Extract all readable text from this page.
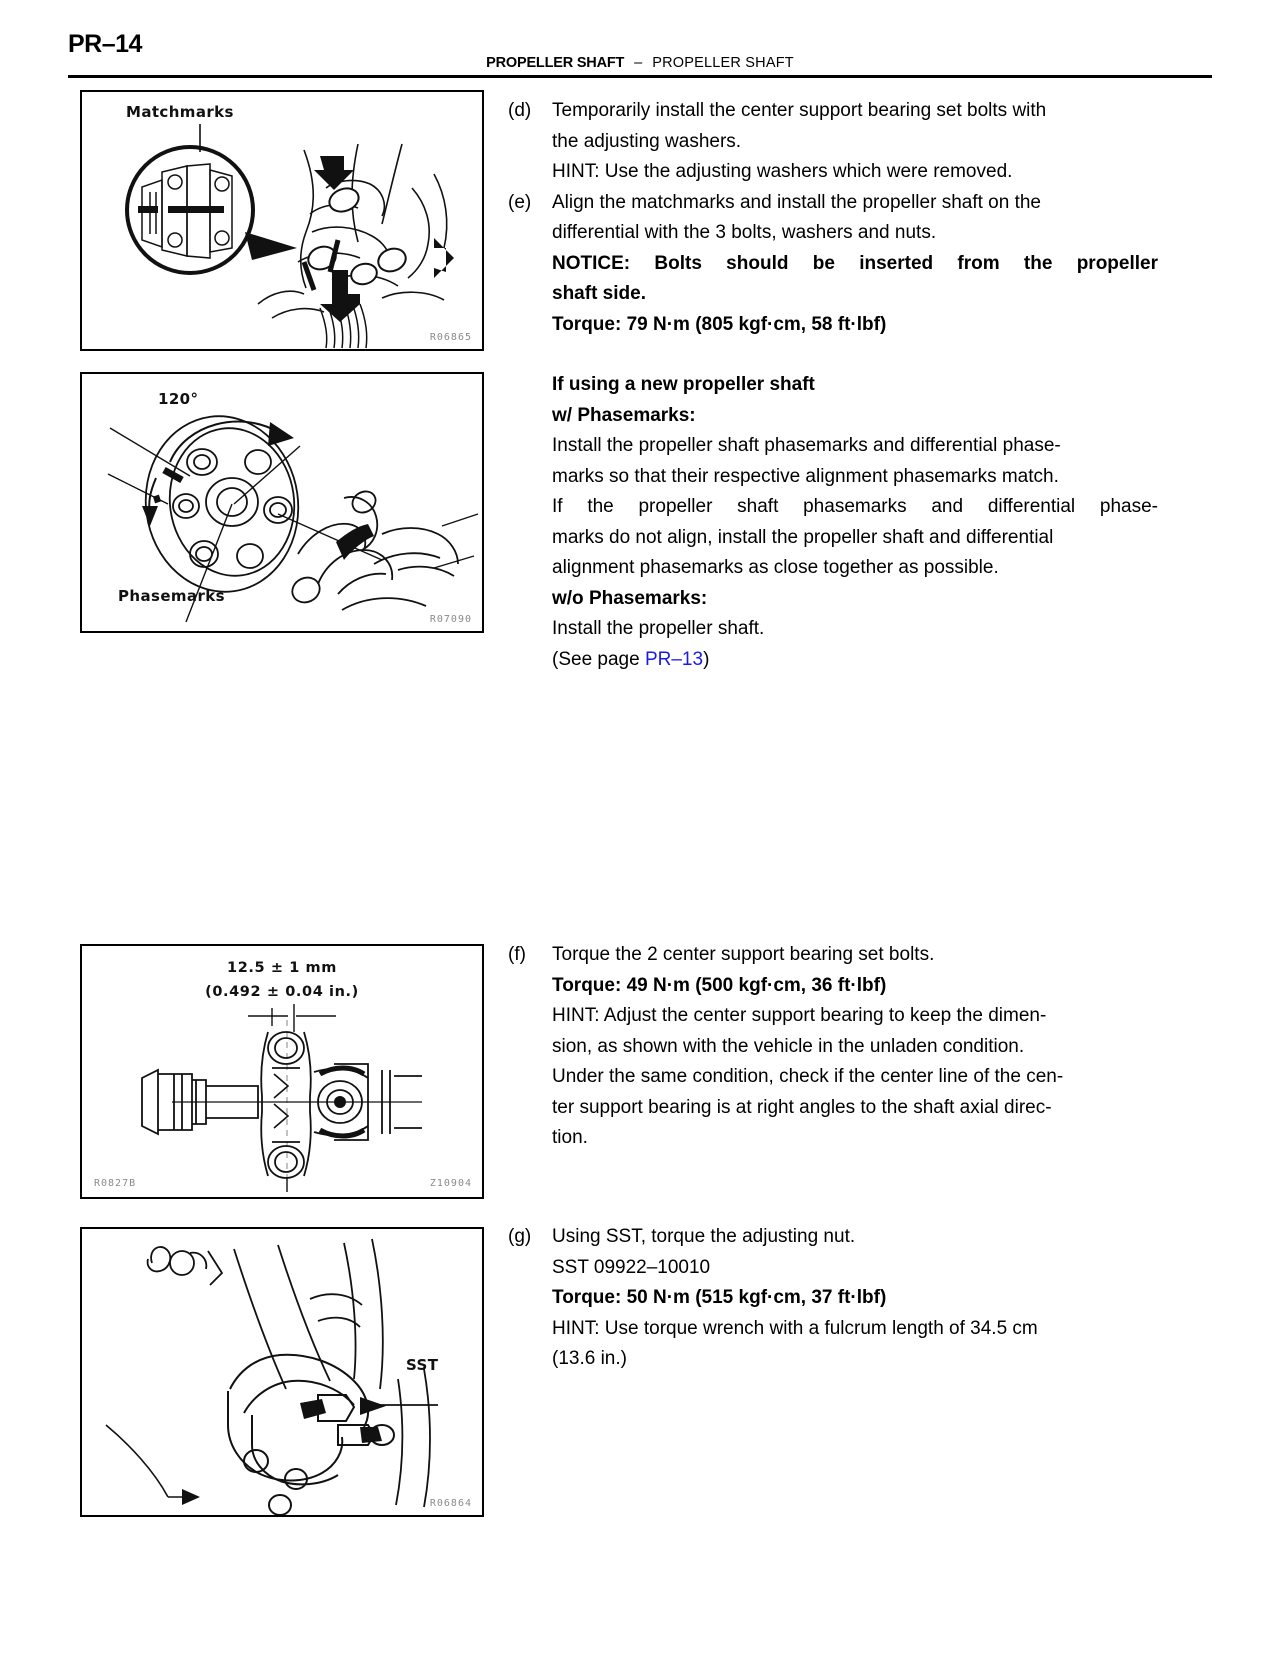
PR–14
PROPELLER SHAFT – PROPELLER SHAFT
Matchmarks
R06865
120°
Phasemarks
R07090
12.5 ± 1 mm
(0.492 ± 0.04 in.)
R0827B	Z10904
SST
R06864
(d)	Temporarily install the center support bearing set bolts with
the adjusting washers.
HINT: Use the adjusting washers which were removed.
(e)	Align the matchmarks and install the propeller shaft on the
differential with the 3 bolts, washers and nuts.
NOTICE: Bolts should be inserted from the propeller
shaft side.
Torque: 79 N·m (805 kgf·cm, 58 ft·lbf)
If using a new propeller shaft
w/ Phasemarks:
Install the propeller shaft phasemarks and differential phase-
marks so that their respective alignment phasemarks match.
If the propeller shaft phasemarks and differential phase-
marks do not align, install the propeller shaft and differential
alignment phasemarks as close together as possible.
w/o Phasemarks:
Install the propeller shaft.
(See page PR–13)
(f)	Torque the 2 center support bearing set bolts.
Torque: 49 N·m (500 kgf·cm, 36 ft·lbf)
HINT: Adjust the center support bearing to keep the dimen-
sion, as shown with the vehicle in the unladen condition.
Under the same condition, check if the center line of the cen-
ter support bearing is at right angles to the shaft axial direc-
tion.
(g)	Using SST, torque the adjusting nut.
SST 09922–10010
Torque: 50 N·m (515 kgf·cm, 37 ft·lbf)
HINT: Use torque wrench with a fulcrum length of 34.5 cm
(13.6 in.)
